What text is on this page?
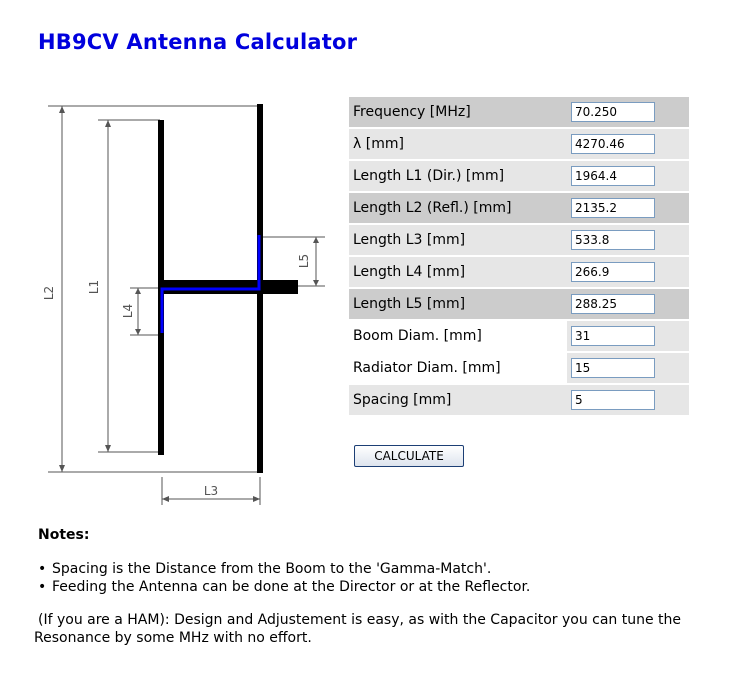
HB9CV Antenna Calculator
L2	L1
L4
L5
L3
Frequency [MHz]	70.250
λ [mm]	4270.46
Length L1 (Dir.) [mm]	1964.4
Length L2 (Refl.) [mm]	2135.2
Length L3 [mm]	533.8
Length L4 [mm]	266.9
Length L5 [mm]	288.25
Boom Diam. [mm]	31
Radiator Diam. [mm]	15
Spacing [mm]	5
CALCULATE

Notes:

• Spacing is the Distance from the Boom to the 'Gamma-Match'.
• Feeding the Antenna can be done at the Director or at the Reflector.

(If you are a HAM): Design and Adjustement is easy, as with the Capacitor you can tune the Resonance by some MHz with no effort.
